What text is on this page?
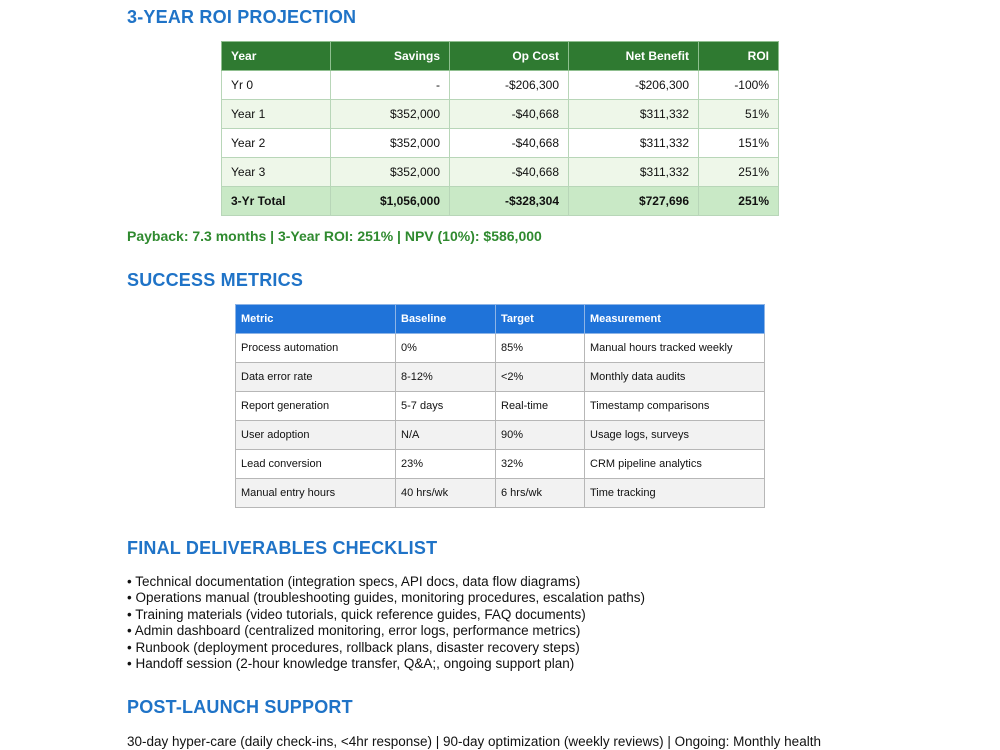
3-YEAR ROI PROJECTION
Year	Savings	Op Cost	Net Benefit	ROI
Yr 0	-	-$206,300	-$206,300	-100%
Year 1	$352,000	-$40,668	$311,332	51%
Year 2	$352,000	-$40,668	$311,332	151%
Year 3	$352,000	-$40,668	$311,332	251%
3-Yr Total	$1,056,000	-$328,304	$727,696	251%
Payback: 7.3 months | 3-Year ROI: 251% | NPV (10%): $586,000
SUCCESS METRICS
Metric	Baseline	Target	Measurement
Process automation	0%	85%	Manual hours tracked weekly
Data error rate	8-12%	<2%	Monthly data audits
Report generation	5-7 days	Real-time	Timestamp comparisons
User adoption	N/A	90%	Usage logs, surveys
Lead conversion	23%	32%	CRM pipeline analytics
Manual entry hours	40 hrs/wk	6 hrs/wk	Time tracking
FINAL DELIVERABLES CHECKLIST
• Technical documentation (integration specs, API docs, data flow diagrams)
• Operations manual (troubleshooting guides, monitoring procedures, escalation paths)
• Training materials (video tutorials, quick reference guides, FAQ documents)
• Admin dashboard (centralized monitoring, error logs, performance metrics)
• Runbook (deployment procedures, rollback plans, disaster recovery steps)
• Handoff session (2-hour knowledge transfer, Q&A;, ongoing support plan)
POST-LAUNCH SUPPORT
30-day hyper-care (daily check-ins, <4hr response) | 90-day optimization (weekly reviews) | Ongoing: Monthly health
